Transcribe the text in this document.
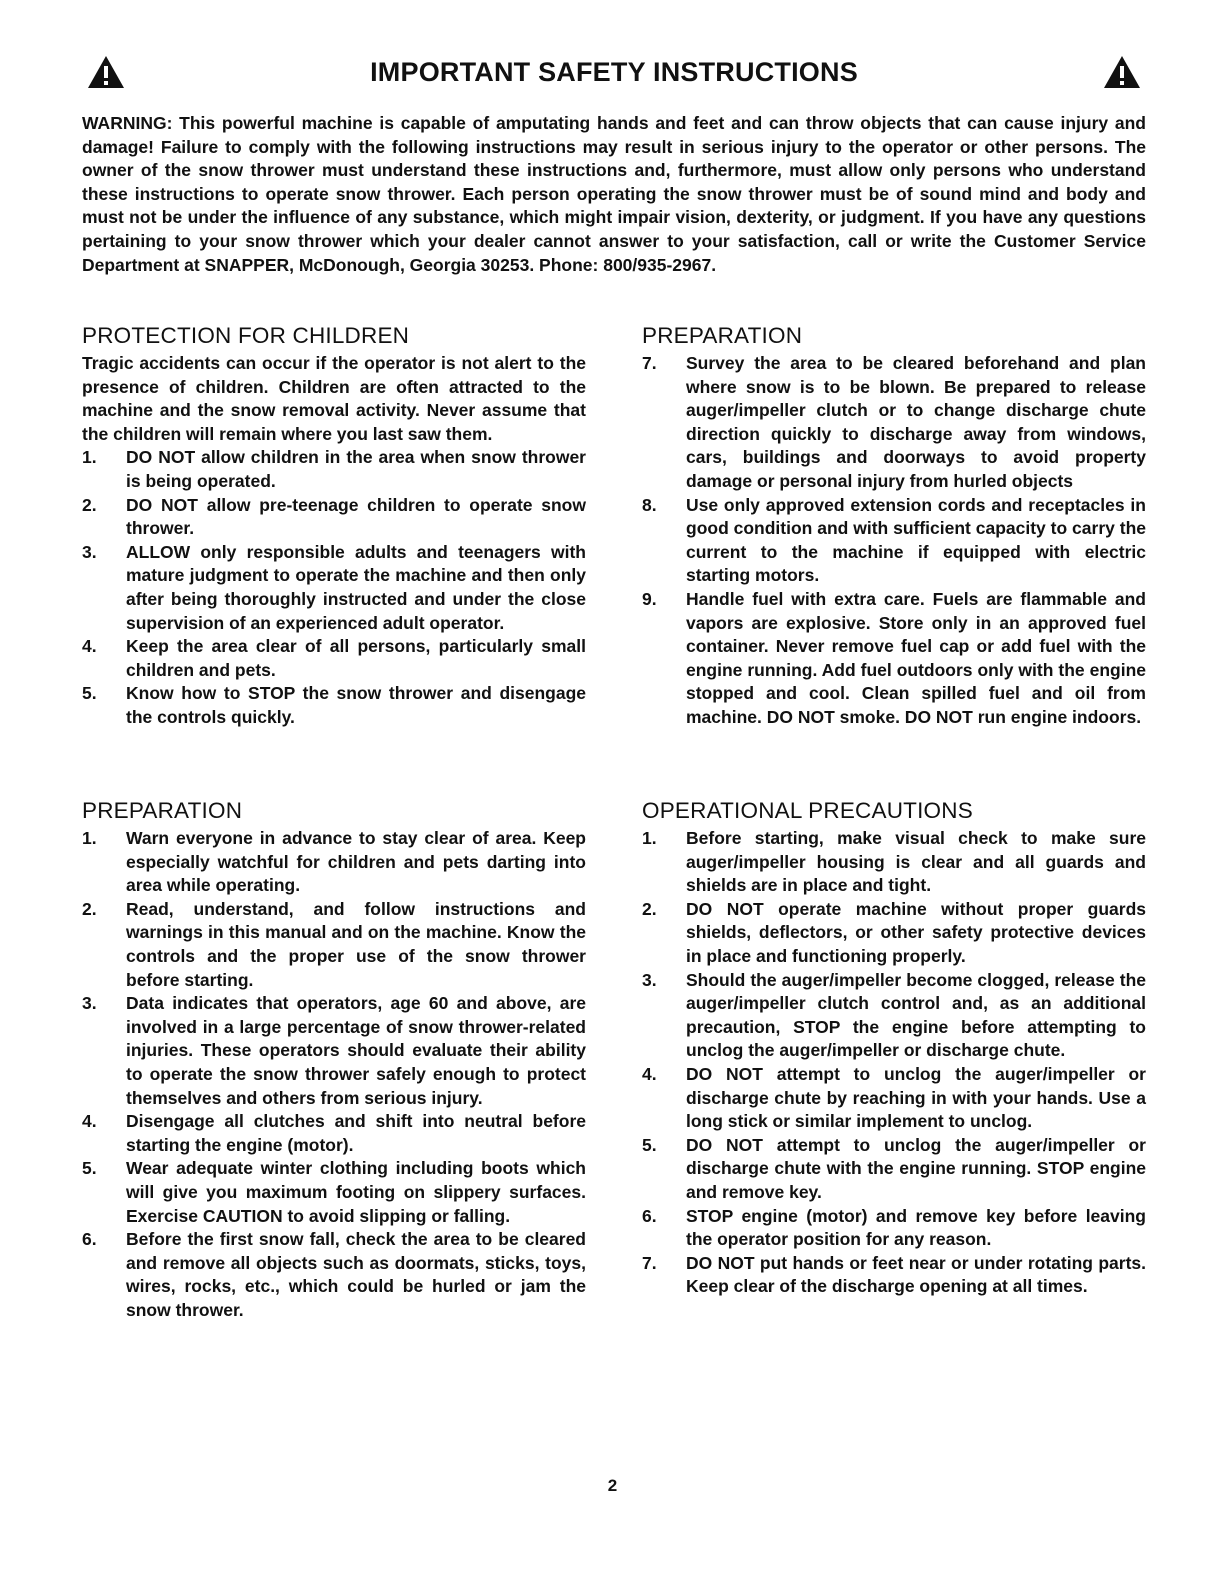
IMPORTANT SAFETY INSTRUCTIONS

WARNING: This powerful machine is capable of amputating hands and feet and can throw objects that can cause injury and damage! Failure to comply with the following instructions may result in serious injury to the operator or other persons. The owner of the snow thrower must understand these instructions and, furthermore, must allow only persons who understand these instructions to operate snow thrower. Each person operating the snow thrower must be of sound mind and body and must not be under the influence of any substance, which might impair vision, dexterity, or judgment. If you have any questions pertaining to your snow thrower which your dealer cannot answer to your satisfaction, call or write the Customer Service Department at SNAPPER, McDonough, Georgia 30253. Phone: 800/935-2967.

PROTECTION FOR CHILDREN

Tragic accidents can occur if the operator is not alert to the presence of children. Children are often attracted to the machine and the snow removal activity. Never assume that the children will remain where you last saw them.

1.	DO NOT allow children in the area when snow thrower is being operated.
2.	DO NOT allow pre-teenage children to operate snow thrower.
3.	ALLOW only responsible adults and teenagers with mature judgment to operate the machine and then only after being thoroughly instructed and under the close supervision of an experienced adult operator.
4.	Keep the area clear of all persons, particularly small children and pets.
5.	Know how to STOP the snow thrower and disengage the controls quickly.
PREPARATION
1.	Warn everyone in advance to stay clear of area. Keep especially watchful for children and pets darting into area while operating.
2.	Read, understand, and follow instructions and warnings in this manual and on the machine. Know the controls and the proper use of the snow thrower before starting.
3.	Data indicates that operators, age 60 and above, are involved in a large percentage of snow thrower-related injuries. These operators should evaluate their ability to operate the snow thrower safely enough to protect themselves and others from serious injury.
4.	Disengage all clutches and shift into neutral before starting the engine (motor).
5.	Wear adequate winter clothing including boots which will give you maximum footing on slippery surfaces. Exercise CAUTION to avoid slipping or falling.
6.	Before the first snow fall, check the area to be cleared and remove all objects such as doormats, sticks, toys, wires, rocks, etc., which could be hurled or jam the snow thrower.
PREPARATION
7.	Survey the area to be cleared beforehand and plan where snow is to be blown. Be prepared to release auger/impeller clutch or to change discharge chute direction quickly to discharge away from windows, cars, buildings and doorways to avoid property damage or personal injury from hurled objects
8.	Use only approved extension cords and receptacles in good condition and with sufficient capacity to carry the current to the machine if equipped with electric starting motors.
9.	Handle fuel with extra care. Fuels are flammable and vapors are explosive. Store only in an approved fuel container. Never remove fuel cap or add fuel with the engine running. Add fuel outdoors only with the engine stopped and cool. Clean spilled fuel and oil from machine. DO NOT smoke. DO NOT run engine indoors.
OPERATIONAL PRECAUTIONS
1.	Before starting, make visual check to make sure auger/impeller housing is clear and all guards and shields are in place and tight.
2.	DO NOT operate machine without proper guards shields, deflectors, or other safety protective devices in place and functioning properly.
3.	Should the auger/impeller become clogged, release the auger/impeller clutch control and, as an additional precaution, STOP the engine before attempting to unclog the auger/impeller or discharge chute.
4.	DO NOT attempt to unclog the auger/impeller or discharge chute by reaching in with your hands. Use a long stick or similar implement to unclog.
5.	DO NOT attempt to unclog the auger/impeller or discharge chute with the engine running. STOP engine and remove key.
6.	STOP engine (motor) and remove key before leaving the operator position for any reason.
7.	DO NOT put hands or feet near or under rotating parts. Keep clear of the discharge opening at all times.
2
